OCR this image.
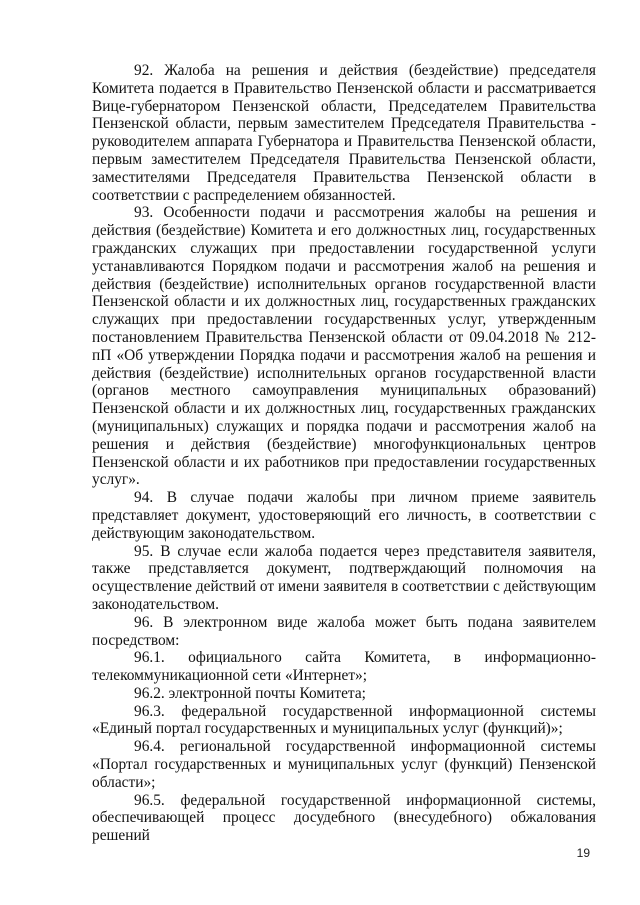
92. Жалоба на решения и действия (бездействие) председателя Комитета подается в Правительство Пензенской области и рассматривается Вице-губернатором Пензенской области, Председателем Правительства Пензенской области, первым заместителем Председателя Правительства - руководителем аппарата Губернатора и Правительства Пензенской области, первым заместителем Председателя Правительства Пензенской области, заместителями Председателя Правительства Пензенской области в соответствии с распределением обязанностей.

93. Особенности подачи и рассмотрения жалобы на решения и действия (бездействие) Комитета и его должностных лиц, государственных гражданских служащих при предоставлении государственной услуги устанавливаются Порядком подачи и рассмотрения жалоб на решения и действия (бездействие) исполнительных органов государственной власти Пензенской области и их должностных лиц, государственных гражданских служащих при предоставлении государственных услуг, утвержденным постановлением Правительства Пензенской области от 09.04.2018 № 212-пП «Об утверждении Порядка подачи и рассмотрения жалоб на решения и действия (бездействие) исполнительных органов государственной власти (органов местного самоуправления муниципальных образований) Пензенской области и их должностных лиц, государственных гражданских (муниципальных) служащих и порядка подачи и рассмотрения жалоб на решения и действия (бездействие) многофункциональных центров Пензенской области и их работников при предоставлении государственных услуг».

94. В случае подачи жалобы при личном приеме заявитель представляет документ, удостоверяющий его личность, в соответствии с действующим законодательством.

95. В случае если жалоба подается через представителя заявителя, также представляется документ, подтверждающий полномочия на осуществление действий от имени заявителя в соответствии с действующим законодательством.

96. В электронном виде жалоба может быть подана заявителем посредством:

96.1. официального сайта Комитета, в информационно-телекоммуникационной сети «Интернет»;

96.2. электронной почты Комитета;

96.3. федеральной государственной информационной системы «Единый портал государственных и муниципальных услуг (функций)»;

96.4. региональной государственной информационной системы «Портал государственных и муниципальных услуг (функций) Пензенской области»;

96.5. федеральной государственной информационной системы, обеспечивающей процесс досудебного (внесудебного) обжалования решений

19
